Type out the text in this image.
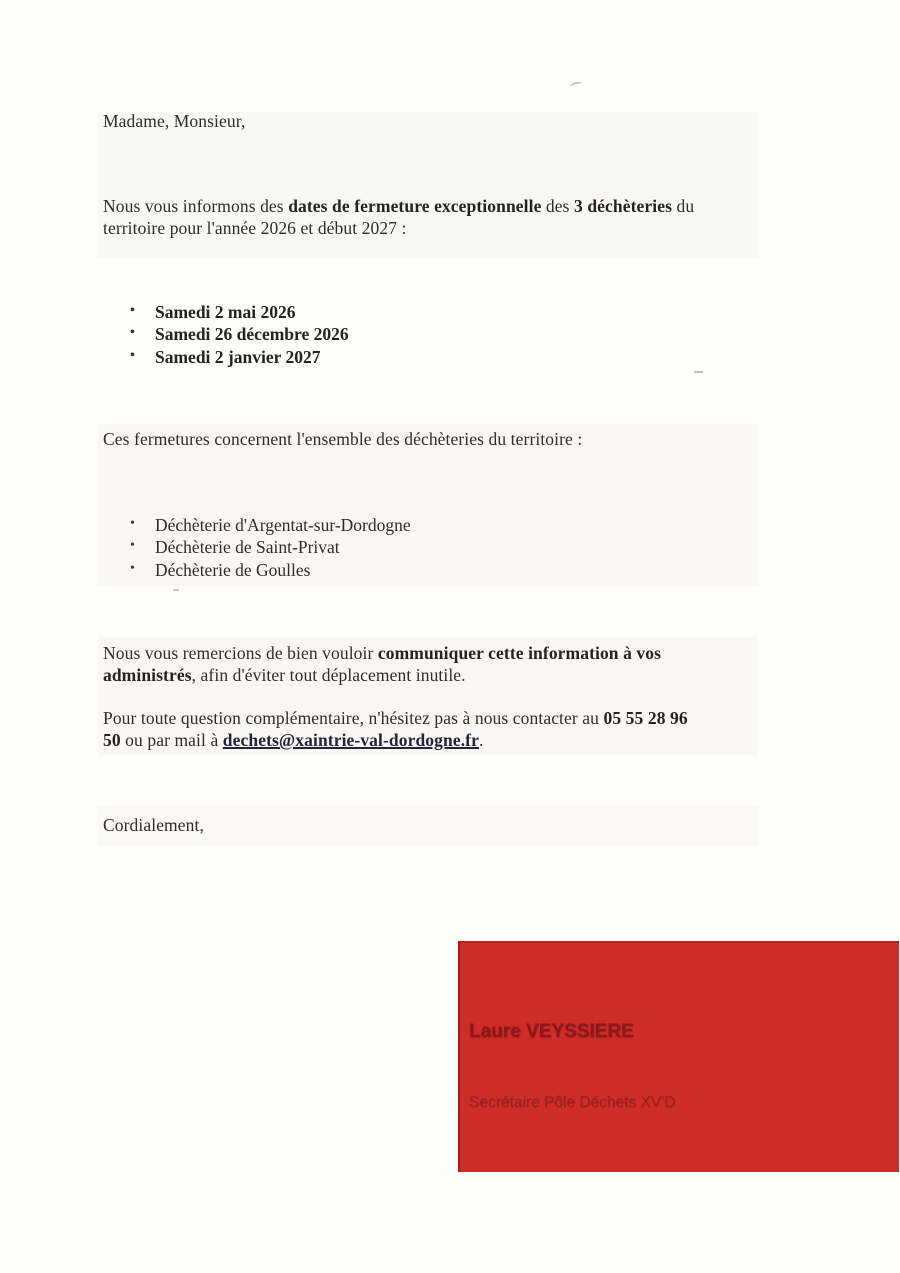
Madame, Monsieur,
Nous vous informons des dates de fermeture exceptionnelle des 3 déchèteries du
territoire pour l'année 2026 et début 2027 :
• Samedi 2 mai 2026
• Samedi 26 décembre 2026
• Samedi 2 janvier 2027
Ces fermetures concernent l'ensemble des déchèteries du territoire :
• Déchèterie d'Argentat-sur-Dordogne
• Déchèterie de Saint-Privat
• Déchèterie de Goulles
Nous vous remercions de bien vouloir communiquer cette information à vos
administrés, afin d'éviter tout déplacement inutile.
Pour toute question complémentaire, n'hésitez pas à nous contacter au 05 55 28 96
50 ou par mail à dechets@xaintrie-val-dordogne.fr.
Cordialement,
Laure VEYSSIERE
Secrétaire Pôle Déchets XV'D
